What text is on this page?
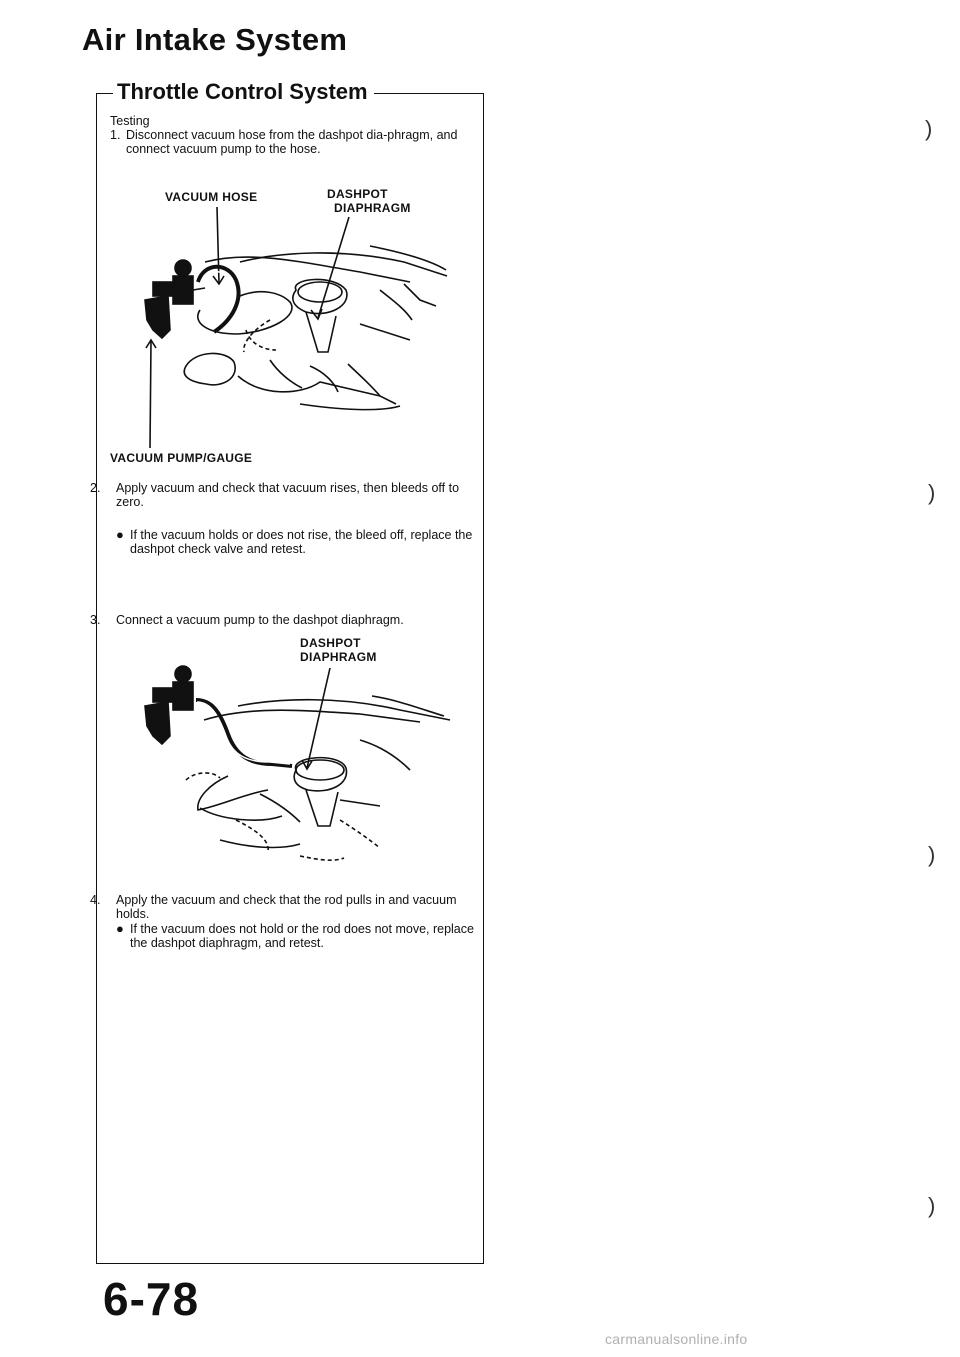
Air Intake System
Throttle Control System
Testing
1. Disconnect vacuum hose from the dashpot dia-phragm, and connect vacuum pump to the hose.
VACUUM HOSE	DASHPOT
DIAPHRAGM
VACUUM PUMP/GAUGE
2. Apply vacuum and check that vacuum rises, then bleeds off to zero.
● If the vacuum holds or does not rise, the bleed off, replace the dashpot check valve and retest.
3. Connect a vacuum pump to the dashpot diaphragm.
DASHPOT
DIAPHRAGM
4. Apply the vacuum and check that the rod pulls in and vacuum holds.
● If the vacuum does not hold or the rod does not move, replace the dashpot diaphragm, and retest.
6-78
)
)
)
)
carmanualsonline.info
